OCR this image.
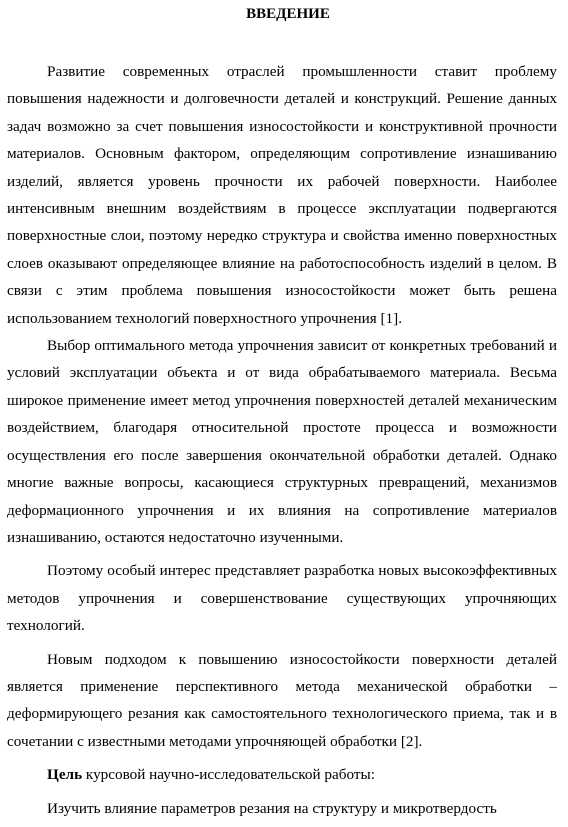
ВВЕДЕНИЕ

Развитие современных отраслей промышленности ставит проблему повышения надежности и долговечности деталей и конструкций. Решение данных задач возможно за счет повышения износостойкости и конструктивной прочности материалов. Основным фактором, определяющим сопротивление изнашиванию изделий, является уровень прочности их рабочей поверхности. Наиболее интенсивным внешним воздействиям в процессе эксплуатации подвергаются поверхностные слои, поэтому нередко структура и свойства именно поверхностных слоев оказывают определяющее влияние на работоспособность изделий в целом. В связи с этим проблема повышения износостойкости может быть решена использованием технологий поверхностного упрочнения [1].

Выбор оптимального метода упрочнения зависит от конкретных требований и условий эксплуатации объекта и от вида обрабатываемого материала. Весьма широкое применение имеет метод упрочнения поверхностей деталей механическим воздействием, благодаря относительной простоте процесса и возможности осуществления его после завершения окончательной обработки деталей. Однако многие важные вопросы, касающиеся структурных превращений, механизмов деформационного упрочнения и их влияния на сопротивление материалов изнашиванию, остаются недостаточно изученными.

Поэтому особый интерес представляет разработка новых высокоэффективных методов упрочнения и совершенствование существующих упрочняющих технологий.

Новым подходом к повышению износостойкости поверхности деталей является применение перспективного метода механической обработки – деформирующего резания как самостоятельного технологического приема, так и в сочетании с известными методами упрочняющей обработки [2].

Цель курсовой научно-исследовательской работы:

Изучить влияние параметров резания на структуру и микротвердость
